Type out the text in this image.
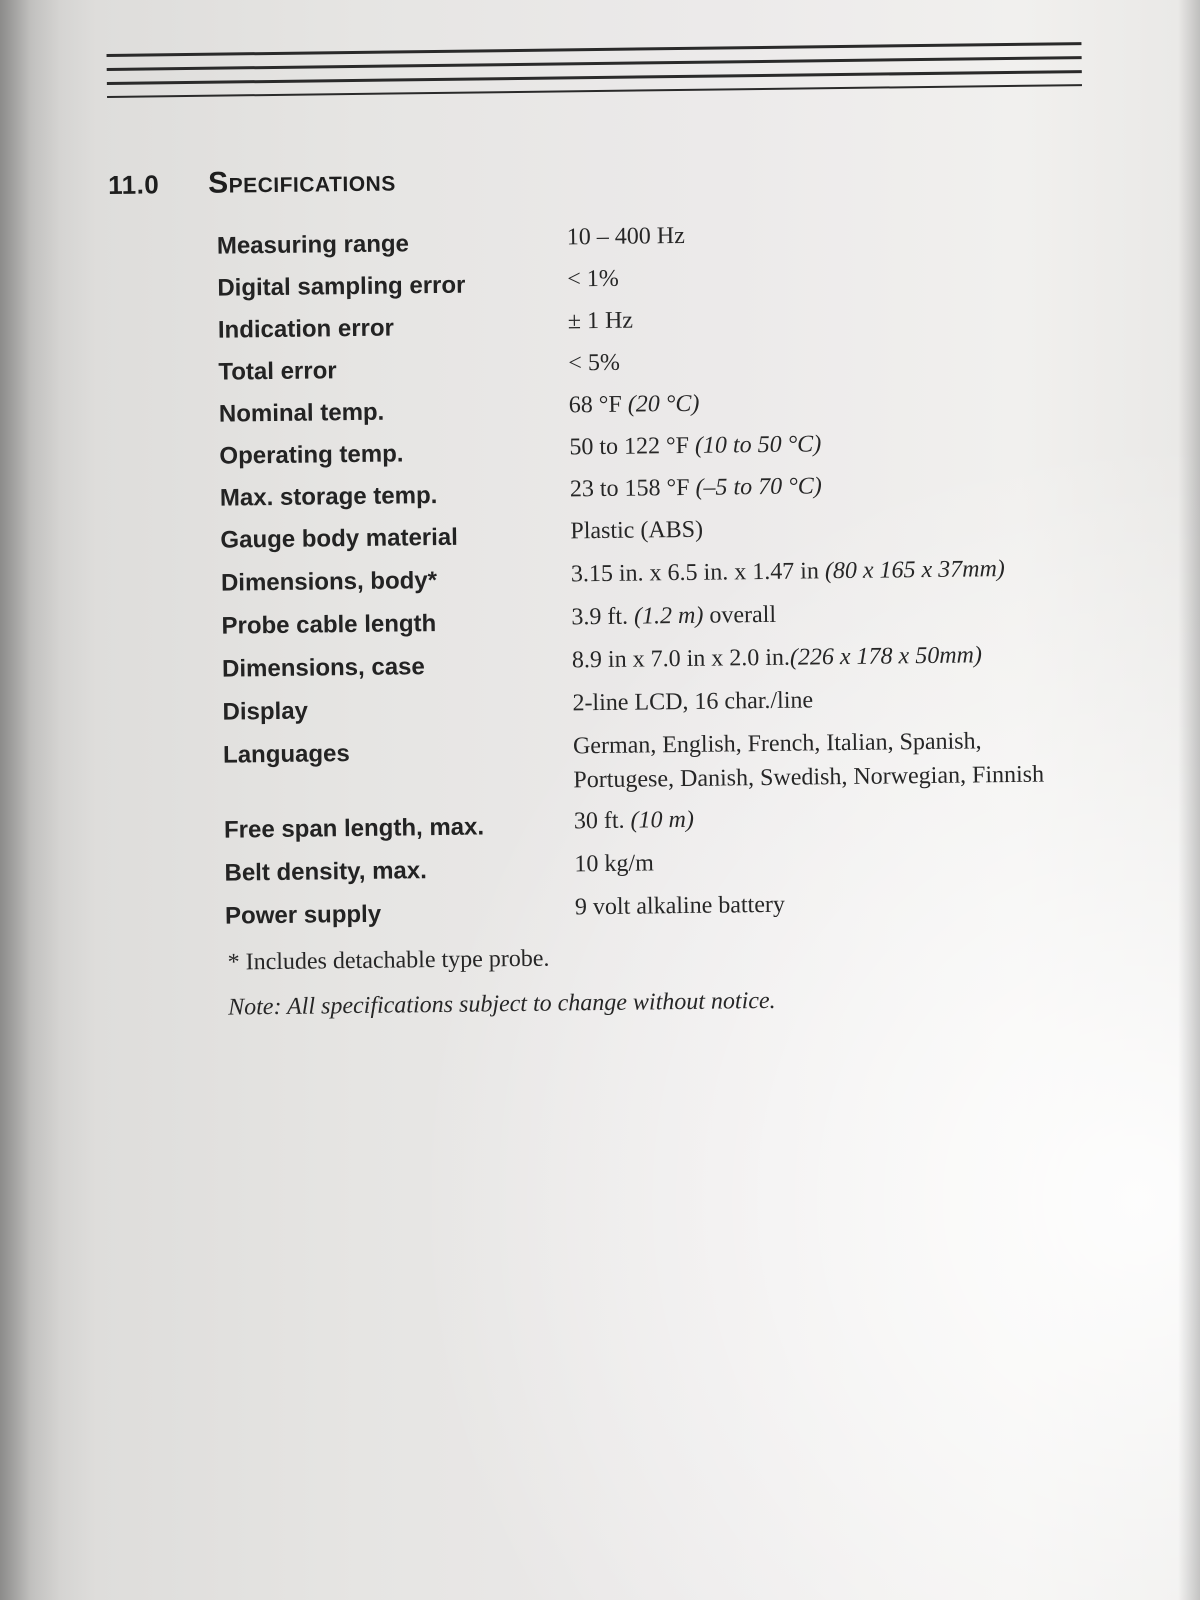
11.0 Specifications
Measuring range	10 – 400 Hz
Digital sampling error	< 1%
Indication error	± 1 Hz
Total error	< 5%
Nominal temp.	68 °F (20 °C)
Operating temp.	50 to 122 °F (10 to 50 °C)
Max. storage temp.	23 to 158 °F (–5 to 70 °C)
Gauge body material	Plastic (ABS)
Dimensions, body*	3.15 in. x 6.5 in. x 1.47 in (80 x 165 x 37mm)
Probe cable length	3.9 ft. (1.2 m) overall
Dimensions, case	8.9 in x 7.0 in x 2.0 in.(226 x 178 x 50mm)
Display	2-line LCD, 16 char./line
Languages	German, English, French, Italian, Spanish,
Portugese, Danish, Swedish, Norwegian, Finnish
Free span length, max.	30 ft. (10 m)
Belt density, max.	10 kg/m
Power supply	9 volt alkaline battery
* Includes detachable type probe.
Note: All specifications subject to change without notice.
